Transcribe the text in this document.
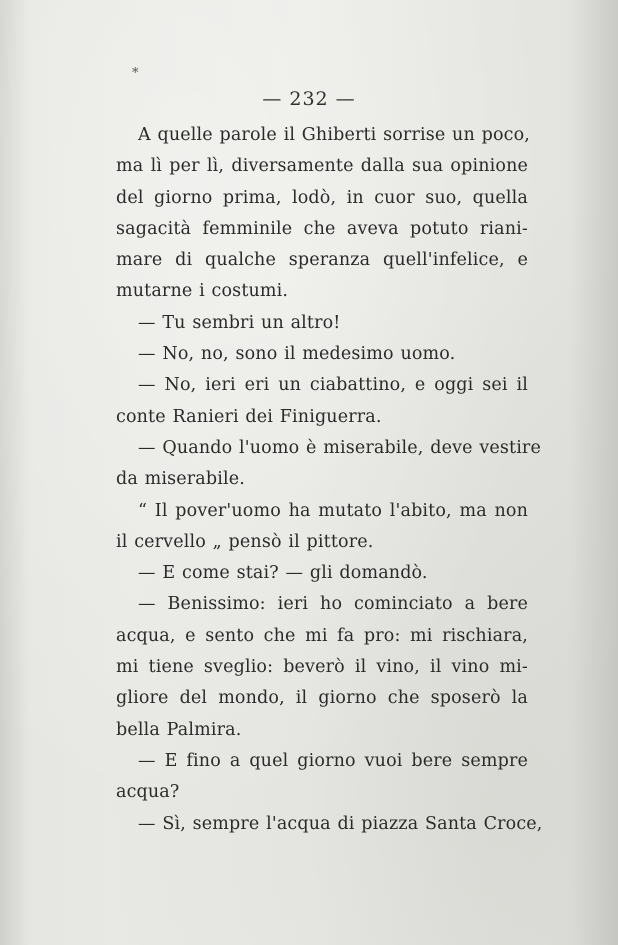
*
— 232 —
A quelle parole il Ghiberti sorrise un poco,
ma lì per lì, diversamente dalla sua opinione
del giorno prima, lodò, in cuor suo, quella
sagacità femminile che aveva potuto riani-
mare di qualche speranza quell'infelice, e
mutarne i costumi.
— Tu sembri un altro!
— No, no, sono il medesimo uomo.
— No, ieri eri un ciabattino, e oggi sei il
conte Ranieri dei Finiguerra.
— Quando l'uomo è miserabile, deve vestire
da miserabile.
“ Il pover'uomo ha mutato l'abito, ma non
il cervello „ pensò il pittore.
— E come stai? — gli domandò.
— Benissimo: ieri ho cominciato a bere
acqua, e sento che mi fa pro: mi rischiara,
mi tiene sveglio: beverò il vino, il vino mi-
gliore del mondo, il giorno che sposerò la
bella Palmira.
— E fino a quel giorno vuoi bere sempre
acqua?
— Sì, sempre l'acqua di piazza Santa Croce,
